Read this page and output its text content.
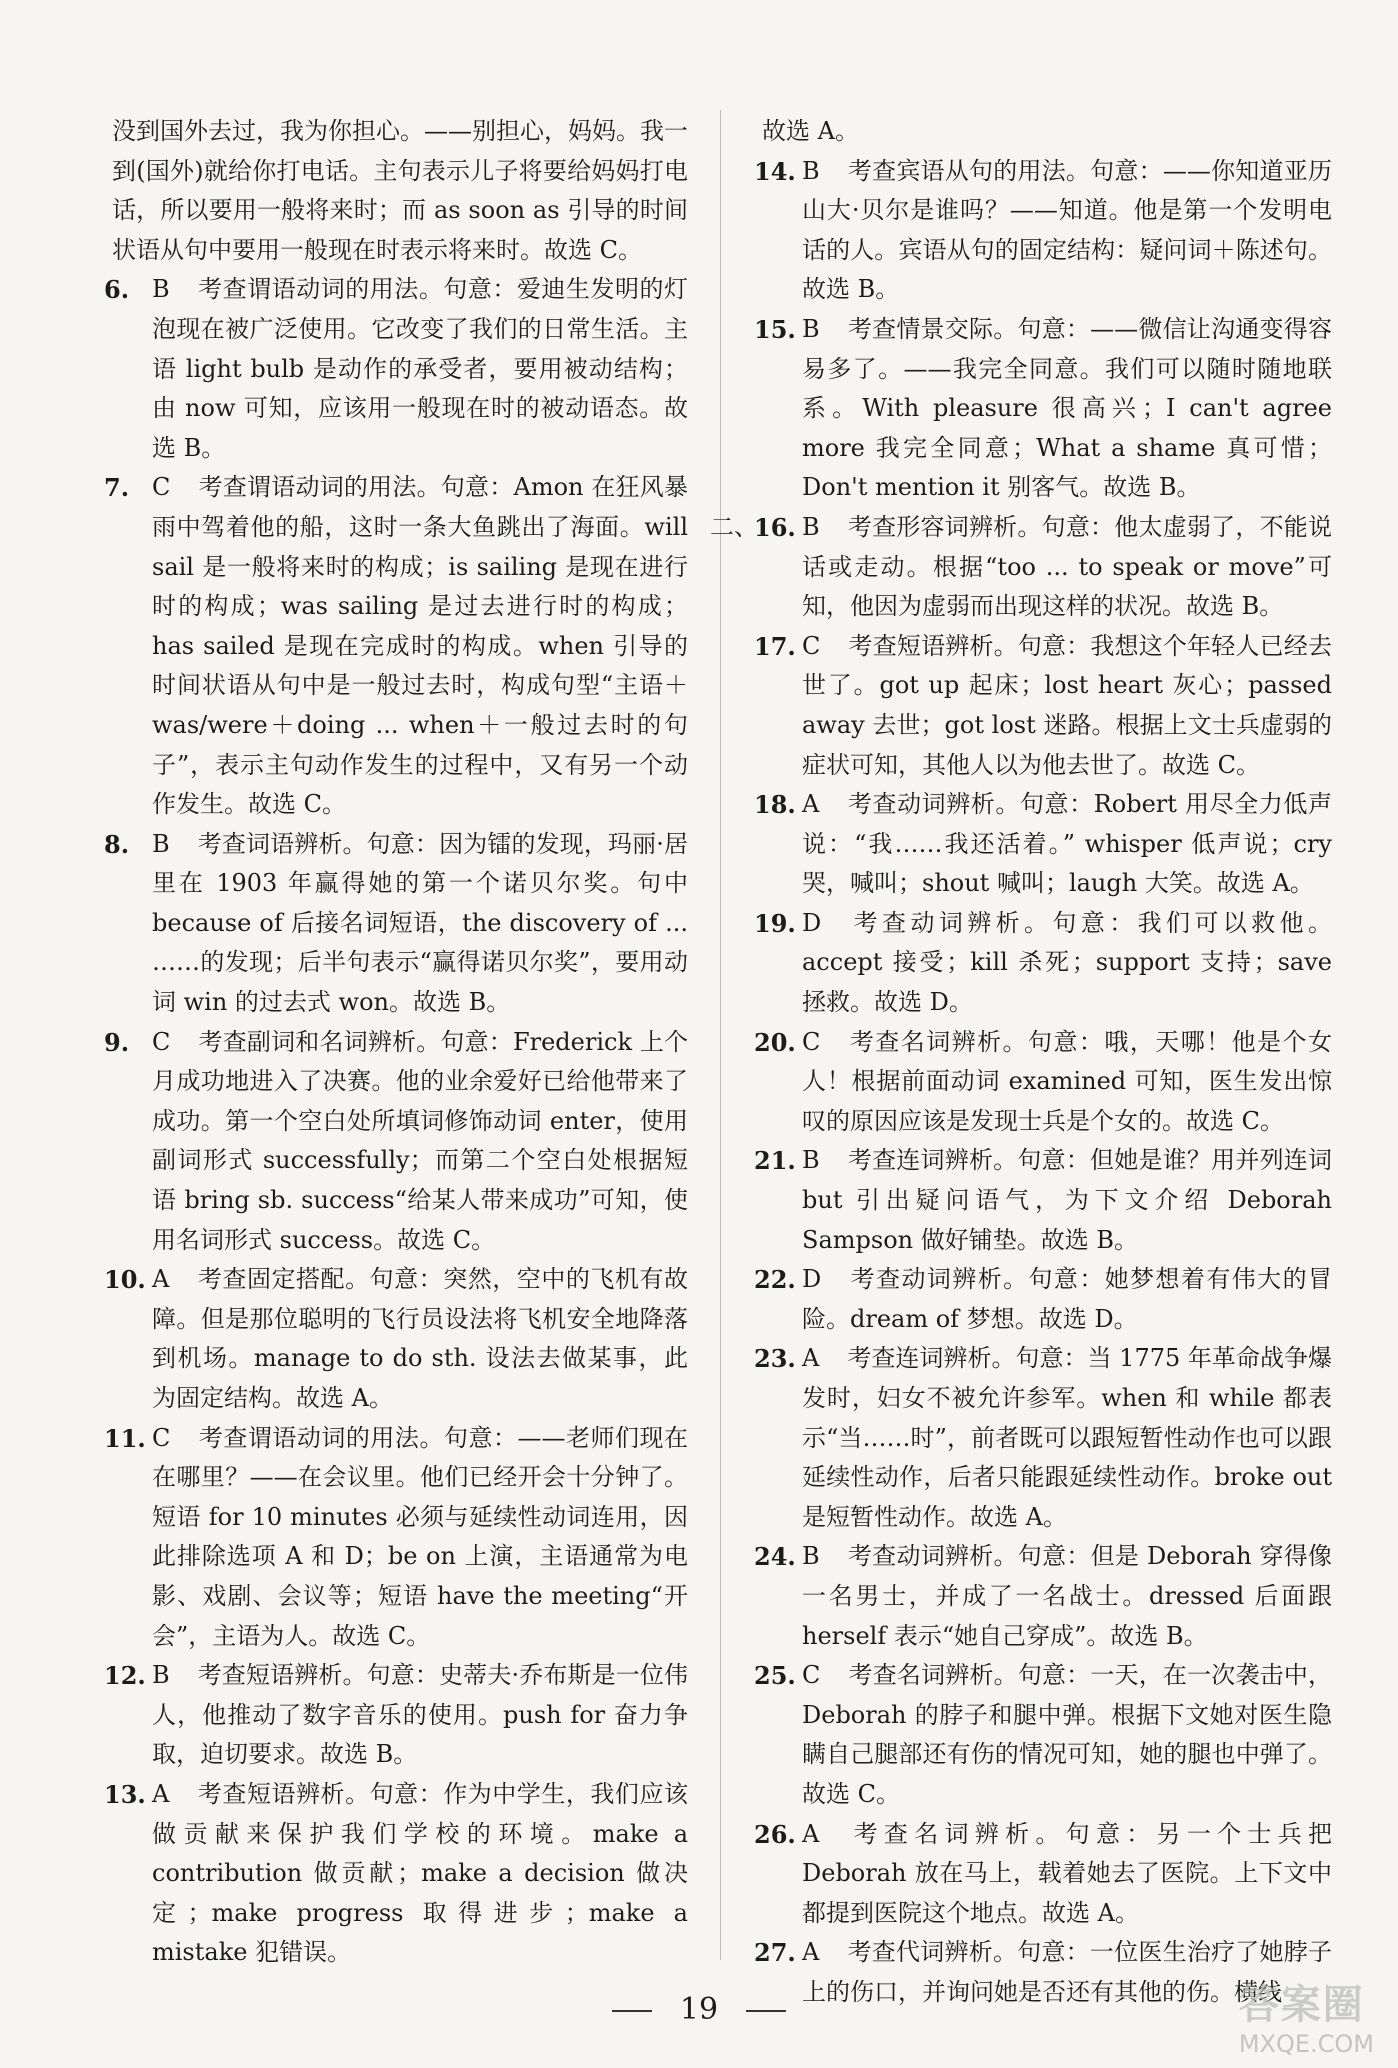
没到国外去过，我为你担心。——别担心，妈妈。我一到(国外)就给你打电话。主句表示儿子将要给妈妈打电话，所以要用一般将来时；而 as soon as 引导的时间状语从句中要用一般现在时表示将来时。故选 C。

6. B 考查谓语动词的用法。句意：爱迪生发明的灯泡现在被广泛使用。它改变了我们的日常生活。主语 light bulb 是动作的承受者，要用被动结构；由 now 可知，应该用一般现在时的被动语态。故选 B。
7. C 考查谓语动词的用法。句意：Amon 在狂风暴雨中驾着他的船，这时一条大鱼跳出了海面。will sail 是一般将来时的构成；is sailing 是现在进行时的构成；was sailing 是过去进行时的构成；has sailed 是现在完成时的构成。when 引导的时间状语从句中是一般过去时，构成句型“主语＋was/were＋doing ... when＋一般过去时的句子”，表示主句动作发生的过程中，又有另一个动作发生。故选 C。
8. B 考查词语辨析。句意：因为镭的发现，玛丽·居里在 1903 年赢得她的第一个诺贝尔奖。句中 because of 后接名词短语，the discovery of ... ……的发现；后半句表示“赢得诺贝尔奖”，要用动词 win 的过去式 won。故选 B。
9. C 考查副词和名词辨析。句意：Frederick 上个月成功地进入了决赛。他的业余爱好已给他带来了成功。第一个空白处所填词修饰动词 enter，使用副词形式 successfully；而第二个空白处根据短语 bring sb. success“给某人带来成功”可知，使用名词形式 success。故选 C。
10. A 考查固定搭配。句意：突然，空中的飞机有故障。但是那位聪明的飞行员设法将飞机安全地降落到机场。manage to do sth. 设法去做某事，此为固定结构。故选 A。
11. C 考查谓语动词的用法。句意：——老师们现在在哪里？——在会议里。他们已经开会十分钟了。短语 for 10 minutes 必须与延续性动词连用，因此排除选项 A 和 D；be on 上演，主语通常为电影、戏剧、会议等；短语 have the meeting“开会”，主语为人。故选 C。
12. B 考查短语辨析。句意：史蒂夫·乔布斯是一位伟人，他推动了数字音乐的使用。push for 奋力争取，迫切要求。故选 B。
13. A 考查短语辨析。句意：作为中学生，我们应该做贡献来保护我们学校的环境。make a contribution 做贡献；make a decision 做决定；make progress 取得进步；make a mistake 犯错误。

故选 A。

14. B 考查宾语从句的用法。句意：——你知道亚历山大·贝尔是谁吗？——知道。他是第一个发明电话的人。宾语从句的固定结构：疑问词＋陈述句。故选 B。
15. B 考查情景交际。句意：——微信让沟通变得容易多了。——我完全同意。我们可以随时随地联系。With pleasure 很高兴；I can't agree more 我完全同意；What a shame 真可惜；Don't mention it 别客气。故选 B。
二、
16. B 考查形容词辨析。句意：他太虚弱了，不能说话或走动。根据“too ... to speak or move”可知，他因为虚弱而出现这样的状况。故选 B。
17. C 考查短语辨析。句意：我想这个年轻人已经去世了。got up 起床；lost heart 灰心；passed away 去世；got lost 迷路。根据上文士兵虚弱的症状可知，其他人以为他去世了。故选 C。
18. A 考查动词辨析。句意：Robert 用尽全力低声说：“我……我还活着。” whisper 低声说；cry 哭，喊叫；shout 喊叫；laugh 大笑。故选 A。
19. D 考查动词辨析。句意：我们可以救他。accept 接受；kill 杀死；support 支持；save 拯救。故选 D。
20. C 考查名词辨析。句意：哦，天哪！他是个女人！根据前面动词 examined 可知，医生发出惊叹的原因应该是发现士兵是个女的。故选 C。
21. B 考查连词辨析。句意：但她是谁？用并列连词 but 引出疑问语气，为下文介绍 Deborah Sampson 做好铺垫。故选 B。
22. D 考查动词辨析。句意：她梦想着有伟大的冒险。dream of 梦想。故选 D。
23. A 考查连词辨析。句意：当 1775 年革命战争爆发时，妇女不被允许参军。when 和 while 都表示“当……时”，前者既可以跟短暂性动作也可以跟延续性动作，后者只能跟延续性动作。broke out 是短暂性动作。故选 A。
24. B 考查动词辨析。句意：但是 Deborah 穿得像一名男士，并成了一名战士。dressed 后面跟 herself 表示“她自己穿成”。故选 B。
25. C 考查名词辨析。句意：一天，在一次袭击中，Deborah 的脖子和腿中弹。根据下文她对医生隐瞒自己腿部还有伤的情况可知，她的腿也中弹了。故选 C。
26. A 考查名词辨析。句意：另一个士兵把 Deborah 放在马上，载着她去了医院。上下文中都提到医院这个地点。故选 A。
27. A 考查代词辨析。句意：一位医生治疗了她脖子上的伤口，并询问她是否还有其他的伤。横线
19	答案圈
MXQE.COM
